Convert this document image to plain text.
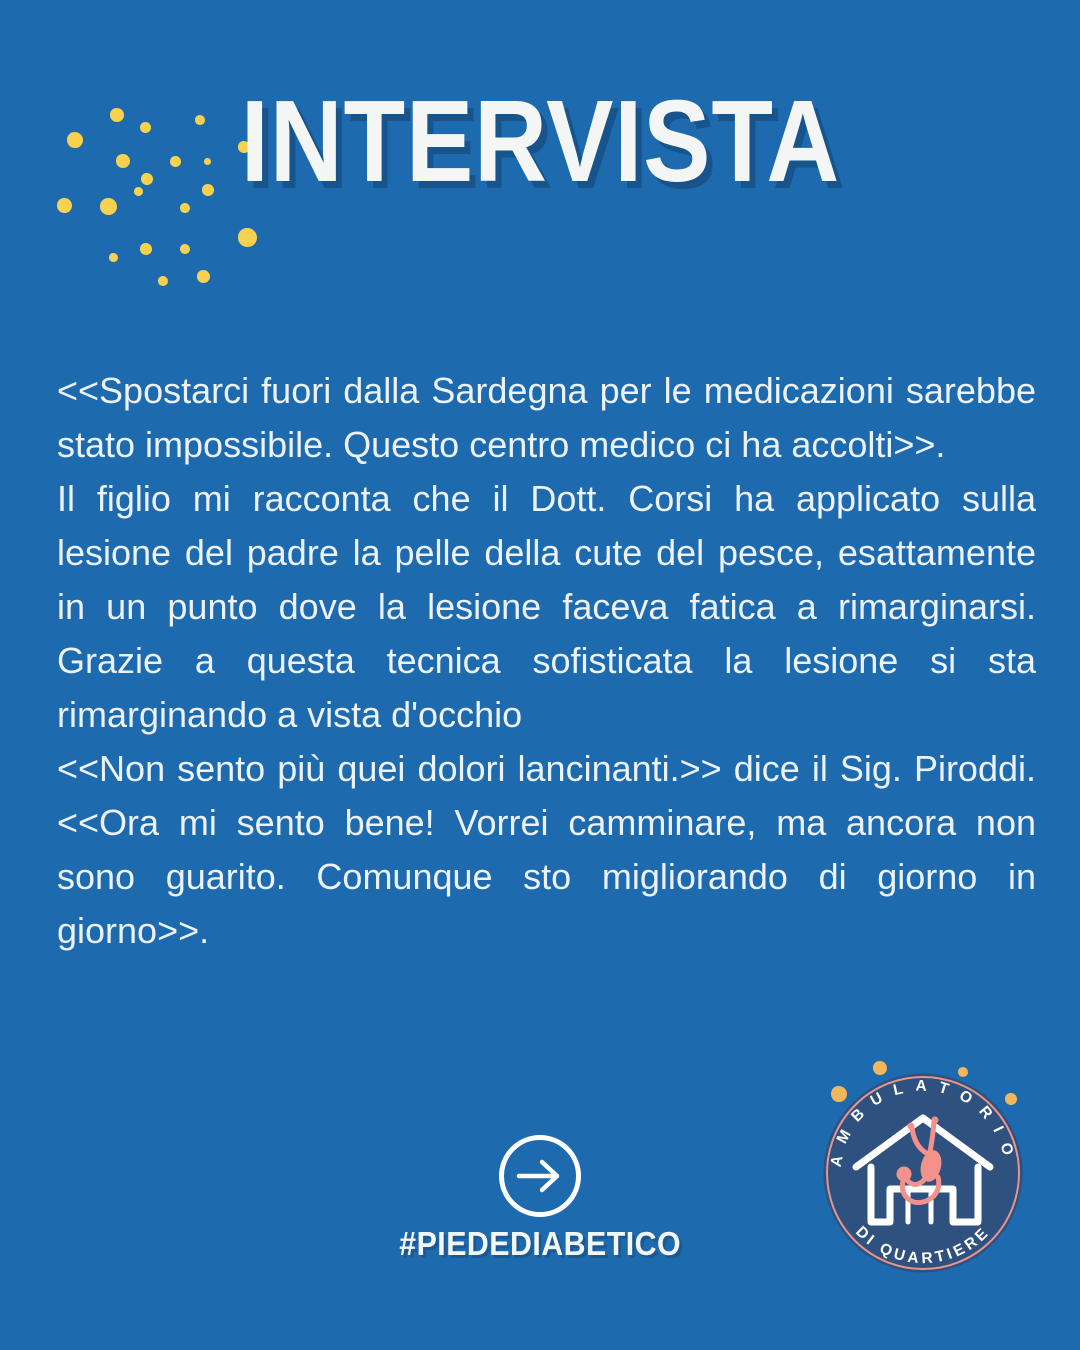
INTERVISTA

<<Spostarci fuori dalla Sardegna per le medicazioni sarebbe stato impossibile. Questo centro medico ci ha accolti>>.

Il figlio mi racconta che il Dott. Corsi ha applicato sulla lesione del padre la pelle della cute del pesce, esattamente in un punto dove la lesione faceva fatica a rimarginarsi. Grazie a questa tecnica sofisticata la lesione si sta rimarginando a vista d'occhio

<<Non sento più quei dolori lancinanti.>> dice il Sig. Piroddi. <<Ora mi sento bene! Vorrei camminare, ma ancora non sono guarito. Comunque sto migliorando di giorno in giorno>>.

#PIEDEDIABETICO
AMBULATORIO
DI QUARTIERE
